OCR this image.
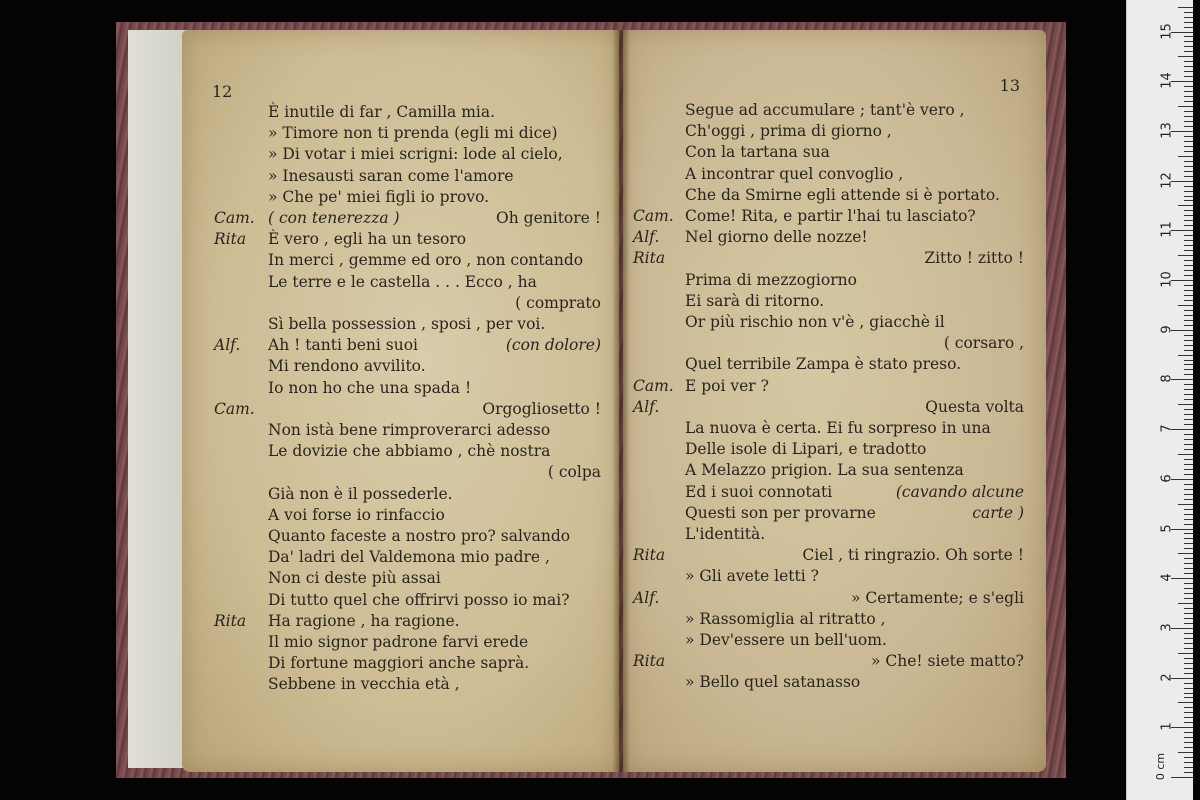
12
È inutile di far , Camilla mia.
» Timore non ti prenda (egli mi dice)
» Di votar i miei scrigni: lode al cielo,
» Inesausti saran come l'amore
» Che pe' miei figli io provo.
Cam. ( con tenerezza )	Oh genitore !
Rita È vero , egli ha un tesoro
In merci , gemme ed oro , non contando
Le terre e le castella . . . Ecco , ha
( comprato
Sì bella possession , sposi , per voi.
Alf. Ah ! tanti beni suoi	(con dolore)
Mi rendono avvilito.
Io non ho che una spada !
Cam.	Orgogliosetto !
Non istà bene rimproverarci adesso
Le dovizie che abbiamo , chè nostra
( colpa
Già non è il possederle.
A voi forse io rinfaccio
Quanto faceste a nostro pro? salvando
Da' ladri del Valdemona mio padre ,
Non ci deste più assai
Di tutto quel che offrirvi posso io mai?
Rita Ha ragione , ha ragione.
Il mio signor padrone farvi erede
Di fortune maggiori anche saprà.
Sebbene in vecchia età ,
13
Segue ad accumulare ; tant'è vero ,
Ch'oggi , prima di giorno ,
Con la tartana sua
A incontrar quel convoglio ,
Che da Smirne egli attende si è portato.
Cam. Come! Rita, e partir l'hai tu lasciato?
Alf. Nel giorno delle nozze!
Rita	Zitto ! zitto !
Prima di mezzogiorno
Ei sarà di ritorno.
Or più rischio non v'è , giacchè il
( corsaro ,
Quel terribile Zampa è stato preso.
Cam. E poi ver ?
Alf.	Questa volta
La nuova è certa. Ei fu sorpreso in una
Delle isole di Lipari, e tradotto
A Melazzo prigion. La sua sentenza
Ed i suoi connotati	(cavando alcune
Questi son per provarne	carte )
L'identità.
Rita	Ciel , ti ringrazio. Oh sorte !
» Gli avete letti ?
Alf.	» Certamente; e s'egli
» Rassomiglia al ritratto ,
» Dev'essere un bell'uom.
Rita	» Che! siete matto?
» Bello quel satanasso
0 cm
1
2
3
4
5
6
7
8
9
10
11
12
13
14
15
